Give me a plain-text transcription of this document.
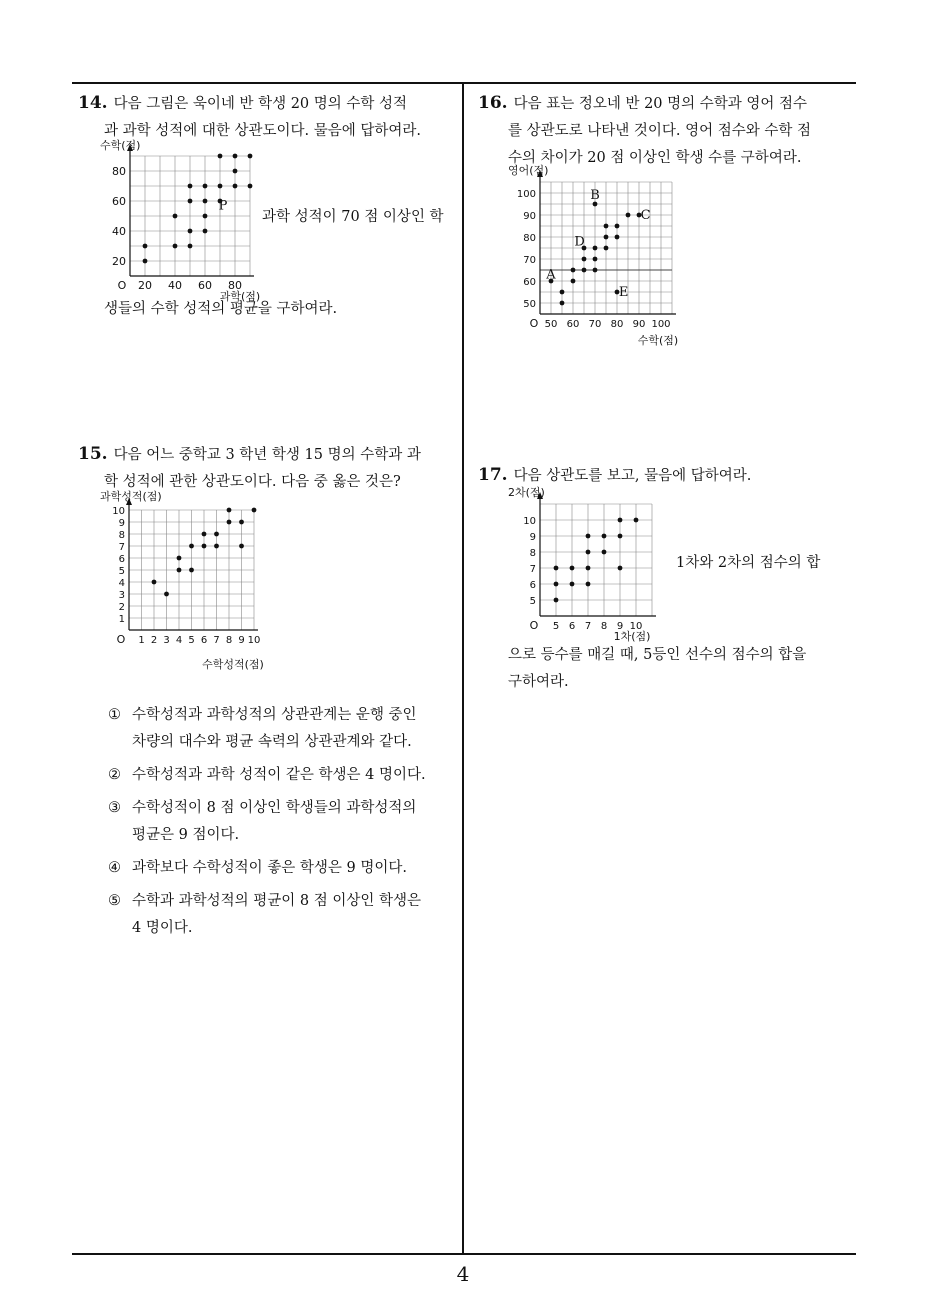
14. 다음 그림은 욱이네 반 학생 20 명의 수학 성적
과 과학 성적에 대한 상관도이다. 물음에 답하여라.
20 40 60 80
20
40
60
80
O
수학(점)
과학(점)
P
과학 성적이 70 점 이상인 학
생들의 수학 성적의 평균을 구하여라.
15. 다음 어느 중학교 3 학년 학생 15 명의 수학과 과
학 성적에 관한 상관도이다. 다음 중 옳은 것은?
1 2 3 4 5 6 7 8 9 10
1
2
3
4
5
6
7
8
9
10
O
과학성적(점)
수학성적(점)
① 수학성적과 과학성적의 상관관계는 운행 중인
차량의 대수와 평균 속력의 상관관계와 같다.
② 수학성적과 과학 성적이 같은 학생은 4 명이다.
③ 수학성적이 8 점 이상인 학생들의 과학성적의
평균은 9 점이다.
④ 과학보다 수학성적이 좋은 학생은 9 명이다.
⑤ 수학과 과학성적의 평균이 8 점 이상인 학생은
4 명이다.
16. 다음 표는 정오네 반 20 명의 수학과 영어 점수
를 상관도로 나타낸 것이다. 영어 점수와 수학 점
수의 차이가 20 점 이상인 학생 수를 구하여라.
50 60 70 80 90 100
50
60
70
80
90
100
O
영어(점)
수학(점)
A
B
C
D
E
17. 다음 상관도를 보고, 물음에 답하여라.
5 6 7 8 9 10
5
6
7
8
9
10
O
2차(점)
1차(점)
1차와 2차의 점수의 합
으로 등수를 매길 때, 5등인 선수의 점수의 합을
구하여라.
4
